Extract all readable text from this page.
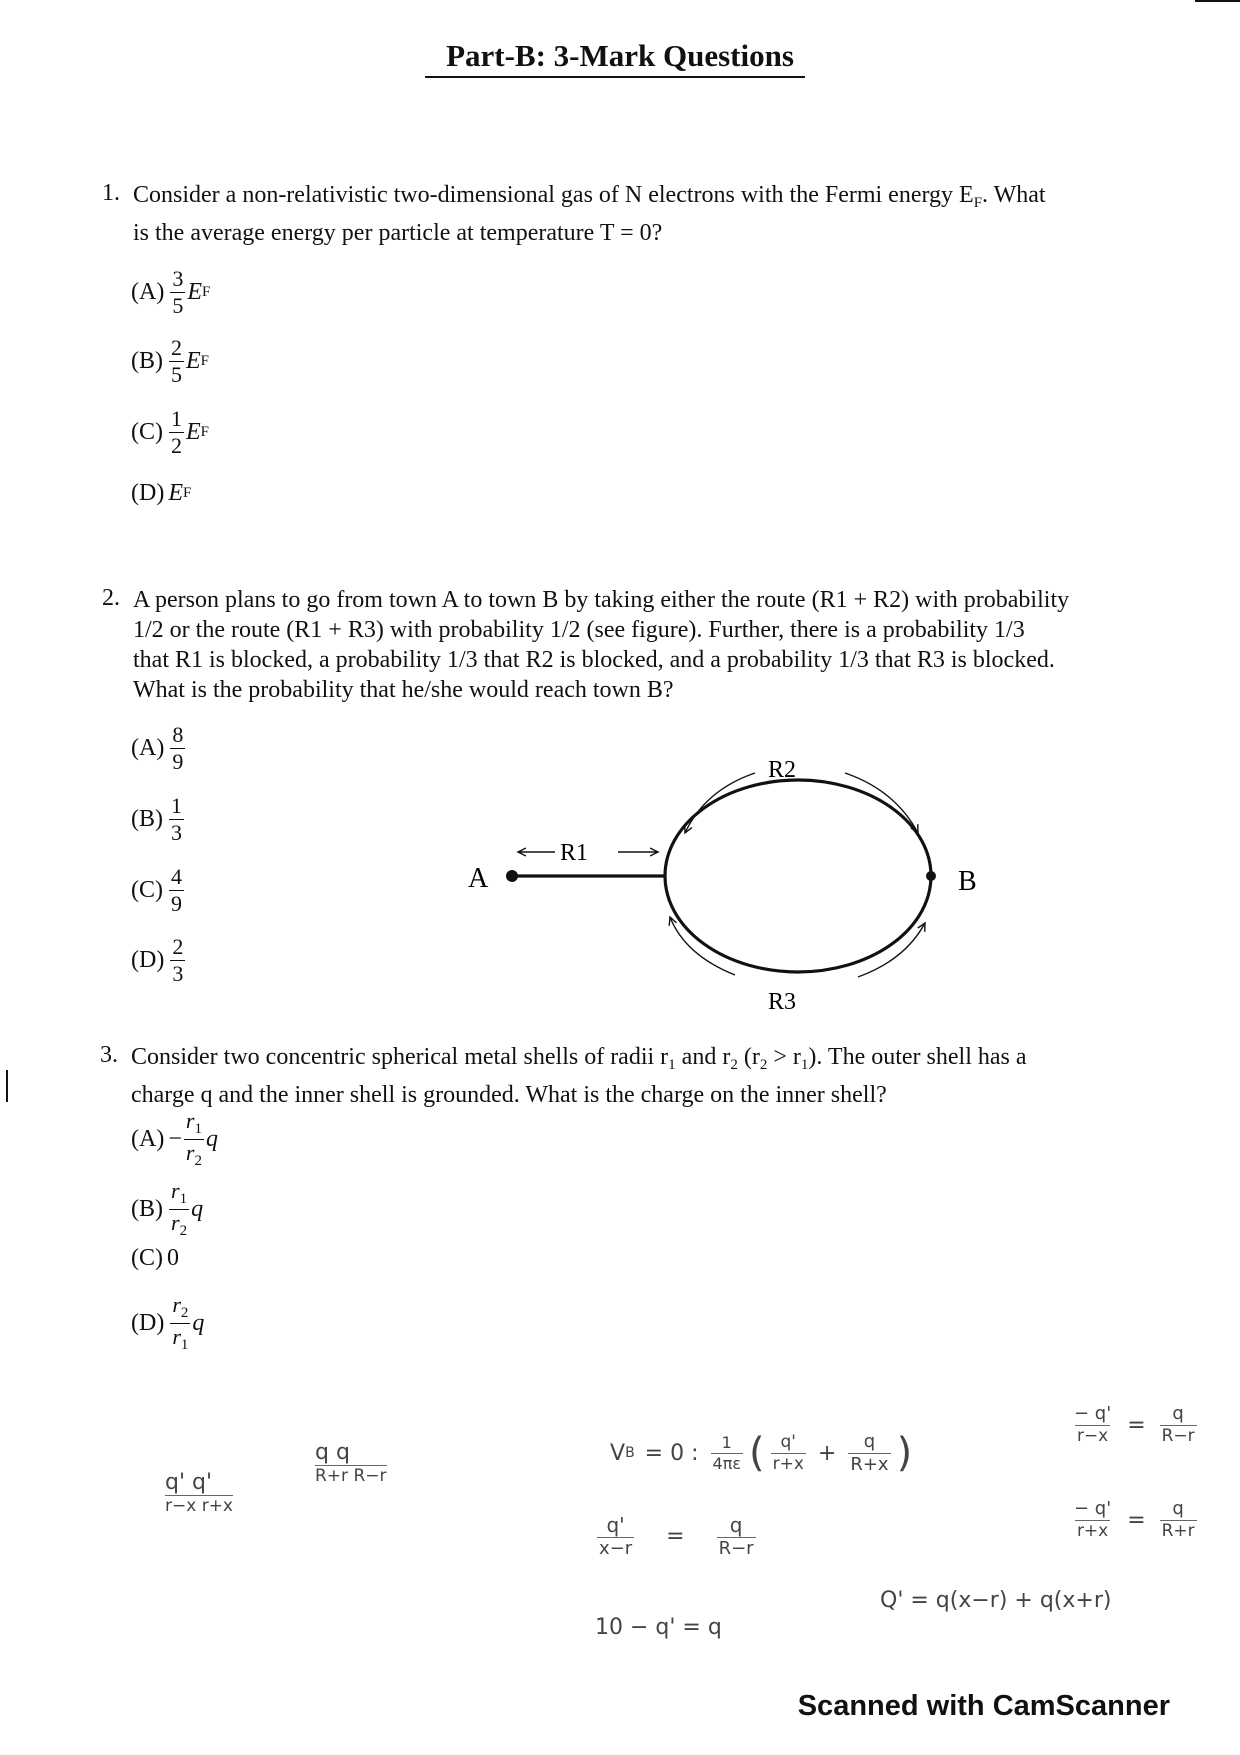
Part-B: 3-Mark Questions
1. Consider a non-relativistic two-dimensional gas of N electrons with the Fermi energy $E_F$. What
is the average energy per particle at temperature T = 0?
$(A) \frac{3}{5}$ E F
$(B) \frac{2}{5}$ E F
$(C) \frac{1}{2}$ E F
(D) E F
2. A person plans to go from town A to town B by taking either the route (R1 + R2) with probability
1/2 or the route (R1 + R3) with probability 1/2 (see figure). Further, there is a probability 1/3
that R1 is blocked, a probability 1/3 that R2 is blocked, and a probability 1/3 that R3 is blocked.
What is the probability that he/she would reach town B?
$(A) \frac{8}{9}$
$(B) \frac{1}{3}$
$(C) \frac{4}{9}$
$(D) \frac{2}{3}$
A	B
R1
R2
R3
3. Consider two concentric spherical metal shells of radii $r_1$ and $r_2$ $(r_2 > r_1)$. The outer shell has a
charge q and the inner shell is grounded. What is the charge on the inner shell?
$(A) - \frac{r_1}{r_2}$ q
$(B) \frac{r_1}{r_2}$ q
(C) 0
$(D) \frac{r_2}{r_1}$ q
q' q'
r−x r+x
q q
R+r R−r
V B = 0 : $\frac{1}{4\pi\varepsilon}$ ( $\frac{q'}{r+x} + \frac{q}{R+x}$ )
$\frac{q'}{x-r} = \frac{q}{R-r}$
10 − q' = q
$\frac{- q'}{r-x} = \frac{q}{R-r}$
$\frac{- q'}{r+x} = \frac{q}{R+r}$
Q' = q(x−r) + q(x+r)
Scanned with CamScanner
